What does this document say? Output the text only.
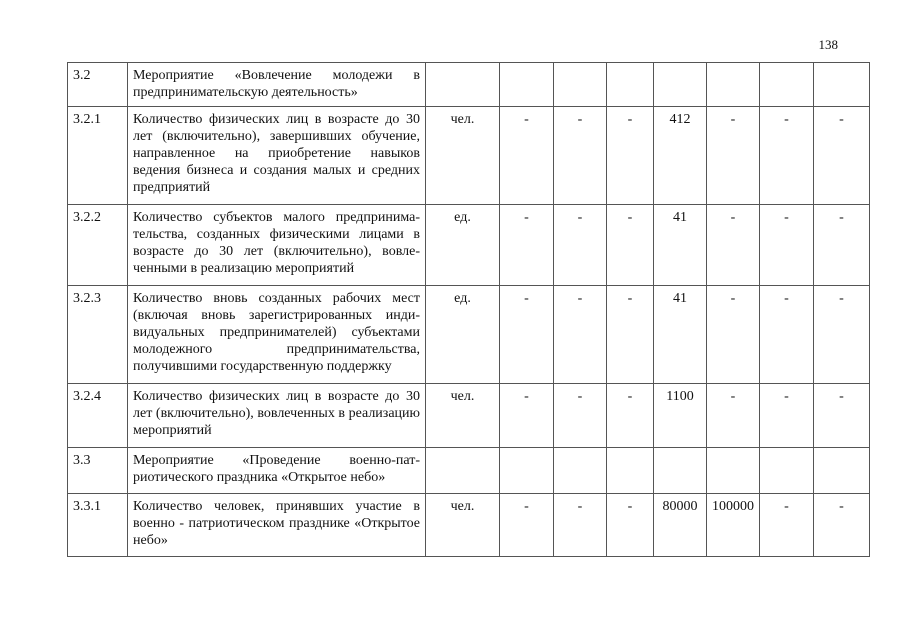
138
3.2	Мероприятие «Вовлечение молодежи в предпринимательскую деятельность»								
3.2.1	Количество физических лиц в возрасте до 30 лет (включительно), завершивших обучение, направленное на приобретение навыков ведения бизнеса и создания малых и средних предприятий	чел.	-	-	-	412	-	-	-
3.2.2	Количество субъектов малого предпринима-тельства, созданных физическими лицами в возрасте до 30 лет (включительно), вовле-ченными в реализацию мероприятий	ед.	-	-	-	41	-	-	-
3.2.3	Количество вновь созданных рабочих мест (включая вновь зарегистрированных инди-видуальных предпринимателей) субъектами молодежного предпринимательства, получившими государственную поддержку	ед.	-	-	-	41	-	-	-
3.2.4	Количество физических лиц в возрасте до 30 лет (включительно), вовлеченных в реализацию мероприятий	чел.	-	-	-	1100	-	-	-
3.3	Мероприятие «Проведение военно-пат-риотического праздника «Открытое небо»								
3.3.1	Количество человек, принявших участие в военно - патриотическом празднике «Открытое небо»	чел.	-	-	-	80000	100000	-	-
